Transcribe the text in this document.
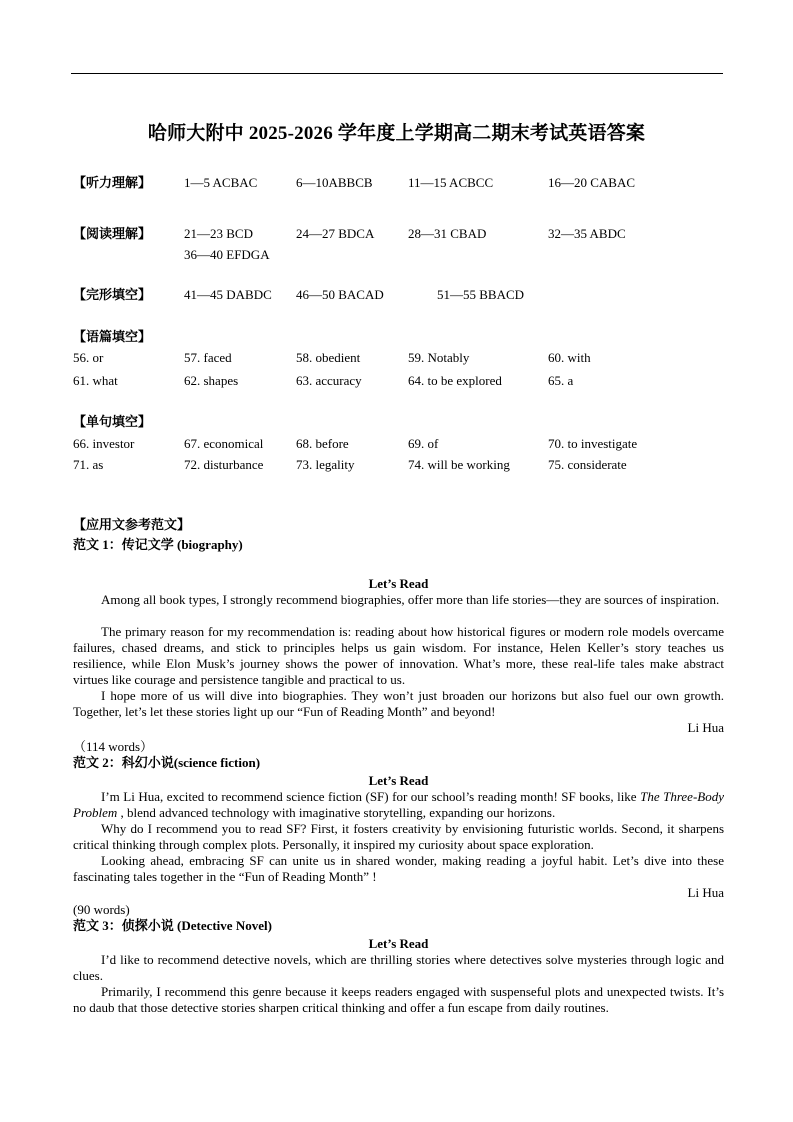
哈师大附中 2025-2026 学年度上学期高二期末考试英语答案
【听力理解】	1—5 ACBAC	6—10ABBCB	11—15 ACBCC	16—20 CABAC
【阅读理解】	21—23 BCD	24—27 BDCA	28—31 CBAD	32—35 ABDC
36—40 EFDGA
【完形填空】	41—45 DABDC 46—50 BACAD	51—55 BBACD
【语篇填空】
56. or	57. faced	58. obedient	59. Notably	60. with
61. what	62. shapes	63. accuracy	64. to be explored	65. a
【单句填空】
66. investor	67. economical	68. before	69. of	70. to investigate
71. as	72. disturbance	73. legality	74. will be working	75. considerate
【应用文参考范文】
范文 1：传记文学 (biography)
Let’s Read
Among all book types, I strongly recommend biographies, offer more than life stories—they are sources of inspiration.
The primary reason for my recommendation is: reading about how historical figures or modern role models overcame failures, chased dreams, and stick to principles helps us gain wisdom. For instance, Helen Keller’s story teaches us resilience, while Elon Musk’s journey shows the power of innovation. What’s more, these real-life tales make abstract virtues like courage and persistence tangible and practical to us.
I hope more of us will dive into biographies. They won’t just broaden our horizons but also fuel our own growth. Together, let’s let these stories light up our “Fun of Reading Month” and beyond!
Li Hua
（114 words）
范文 2：科幻小说(science fiction)
Let’s Read
I’m Li Hua, excited to recommend science fiction (SF) for our school’s reading month! SF books, like The Three-Body Problem , blend advanced technology with imaginative storytelling, expanding our horizons.
Why do I recommend you to read SF? First, it fosters creativity by envisioning futuristic worlds. Second, it sharpens critical thinking through complex plots. Personally, it inspired my curiosity about space exploration.
Looking ahead, embracing SF can unite us in shared wonder, making reading a joyful habit. Let’s dive into these fascinating tales together in the “Fun of Reading Month” !
Li Hua
(90 words)
范文 3：侦探小说 (Detective Novel)
Let’s Read
I’d like to recommend detective novels, which are thrilling stories where detectives solve mysteries through logic and clues.
Primarily, I recommend this genre because it keeps readers engaged with suspenseful plots and unexpected twists. It’s no daub that those detective stories sharpen critical thinking and offer a fun escape from daily routines.
